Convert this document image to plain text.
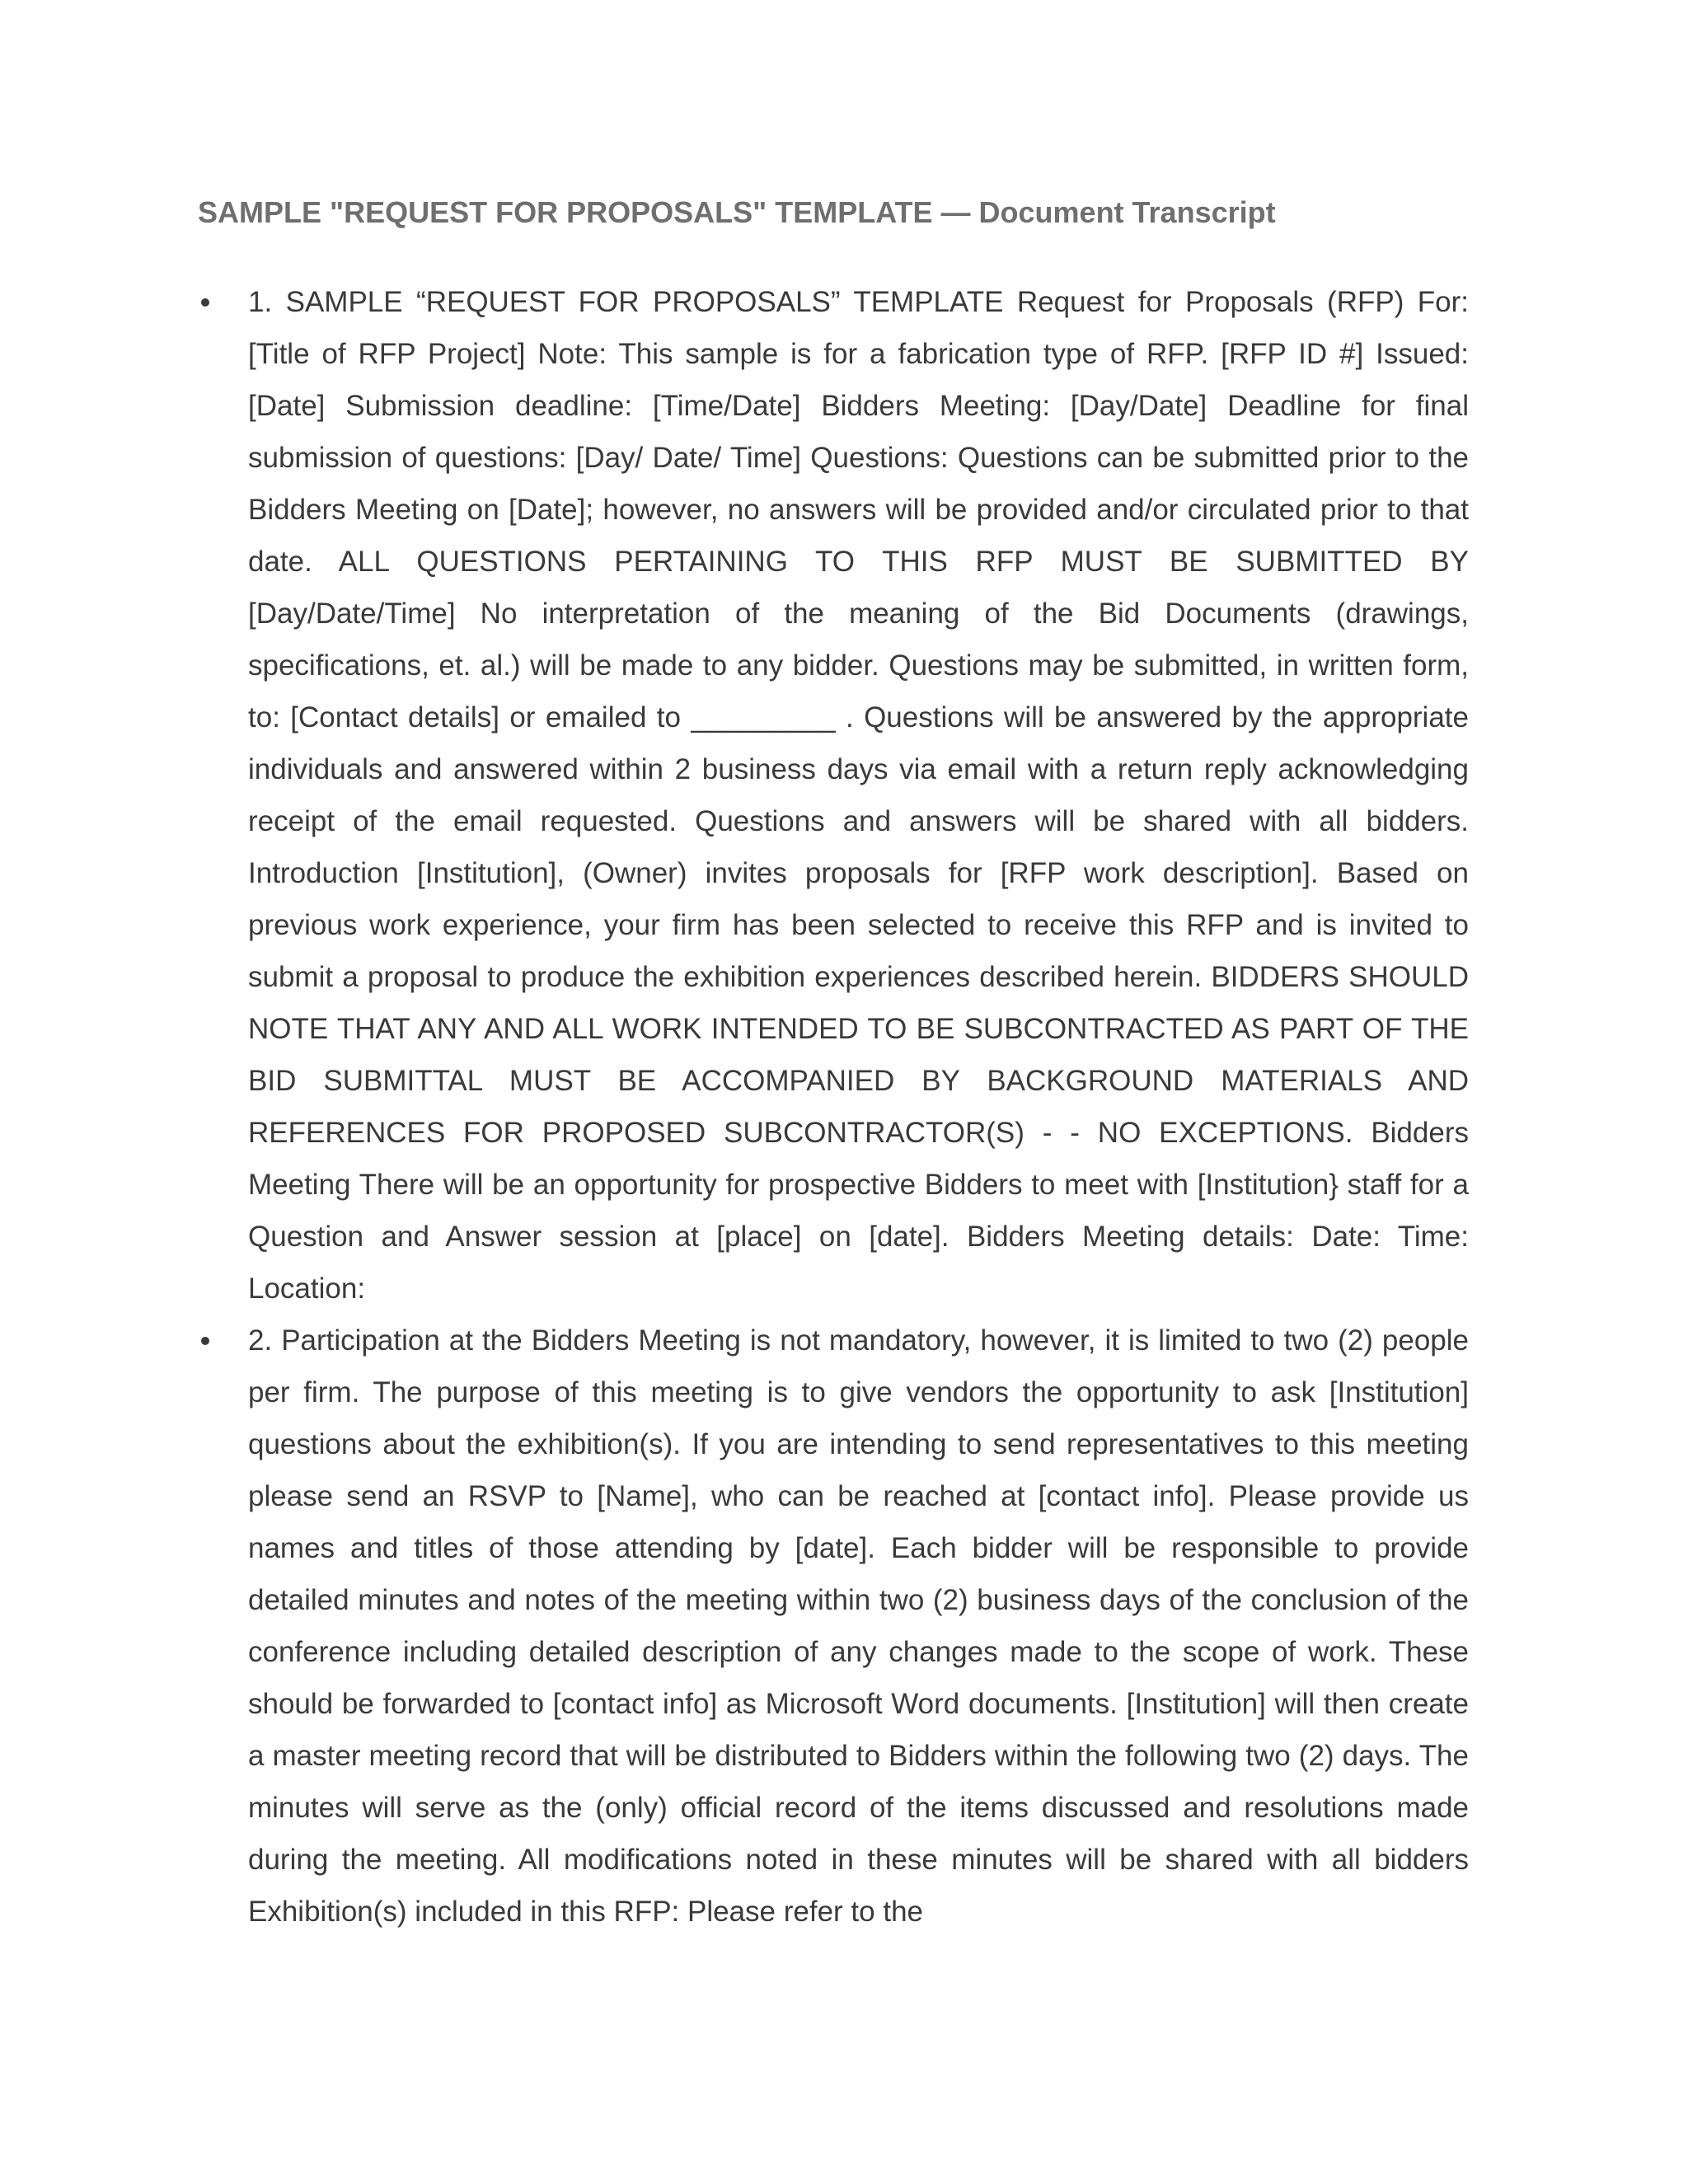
SAMPLE "REQUEST FOR PROPOSALS" TEMPLATE — Document Transcript
1. SAMPLE “REQUEST FOR PROPOSALS” TEMPLATE Request for Proposals (RFP) For: [Title of RFP Project] Note: This sample is for a fabrication type of RFP. [RFP ID #] Issued: [Date] Submission deadline: [Time/Date] Bidders Meeting: [Day/Date] Deadline for final submission of questions: [Day/ Date/ Time] Questions: Questions can be submitted prior to the Bidders Meeting on [Date]; however, no answers will be provided and/or circulated prior to that date. ALL QUESTIONS PERTAINING TO THIS RFP MUST BE SUBMITTED BY [Day/Date/Time] No interpretation of the meaning of the Bid Documents (drawings, specifications, et. al.) will be made to any bidder. Questions may be submitted, in written form, to: [Contact details] or emailed to _________ . Questions will be answered by the appropriate individuals and answered within 2 business days via email with a return reply acknowledging receipt of the email requested. Questions and answers will be shared with all bidders. Introduction [Institution], (Owner) invites proposals for [RFP work description]. Based on previous work experience, your firm has been selected to receive this RFP and is invited to submit a proposal to produce the exhibition experiences described herein. BIDDERS SHOULD NOTE THAT ANY AND ALL WORK INTENDED TO BE SUBCONTRACTED AS PART OF THE BID SUBMITTAL MUST BE ACCOMPANIED BY BACKGROUND MATERIALS AND REFERENCES FOR PROPOSED SUBCONTRACTOR(S) - - NO EXCEPTIONS. Bidders Meeting There will be an opportunity for prospective Bidders to meet with [Institution} staff for a Question and Answer session at [place] on [date]. Bidders Meeting details: Date: Time: Location:
2. Participation at the Bidders Meeting is not mandatory, however, it is limited to two (2) people per firm. The purpose of this meeting is to give vendors the opportunity to ask [Institution] questions about the exhibition(s). If you are intending to send representatives to this meeting please send an RSVP to [Name], who can be reached at [contact info]. Please provide us names and titles of those attending by [date]. Each bidder will be responsible to provide detailed minutes and notes of the meeting within two (2) business days of the conclusion of the conference including detailed description of any changes made to the scope of work. These should be forwarded to [contact info] as Microsoft Word documents. [Institution] will then create a master meeting record that will be distributed to Bidders within the following two (2) days. The minutes will serve as the (only) official record of the items discussed and resolutions made during the meeting. All modifications noted in these minutes will be shared with all bidders Exhibition(s) included in this RFP: Please refer to the
